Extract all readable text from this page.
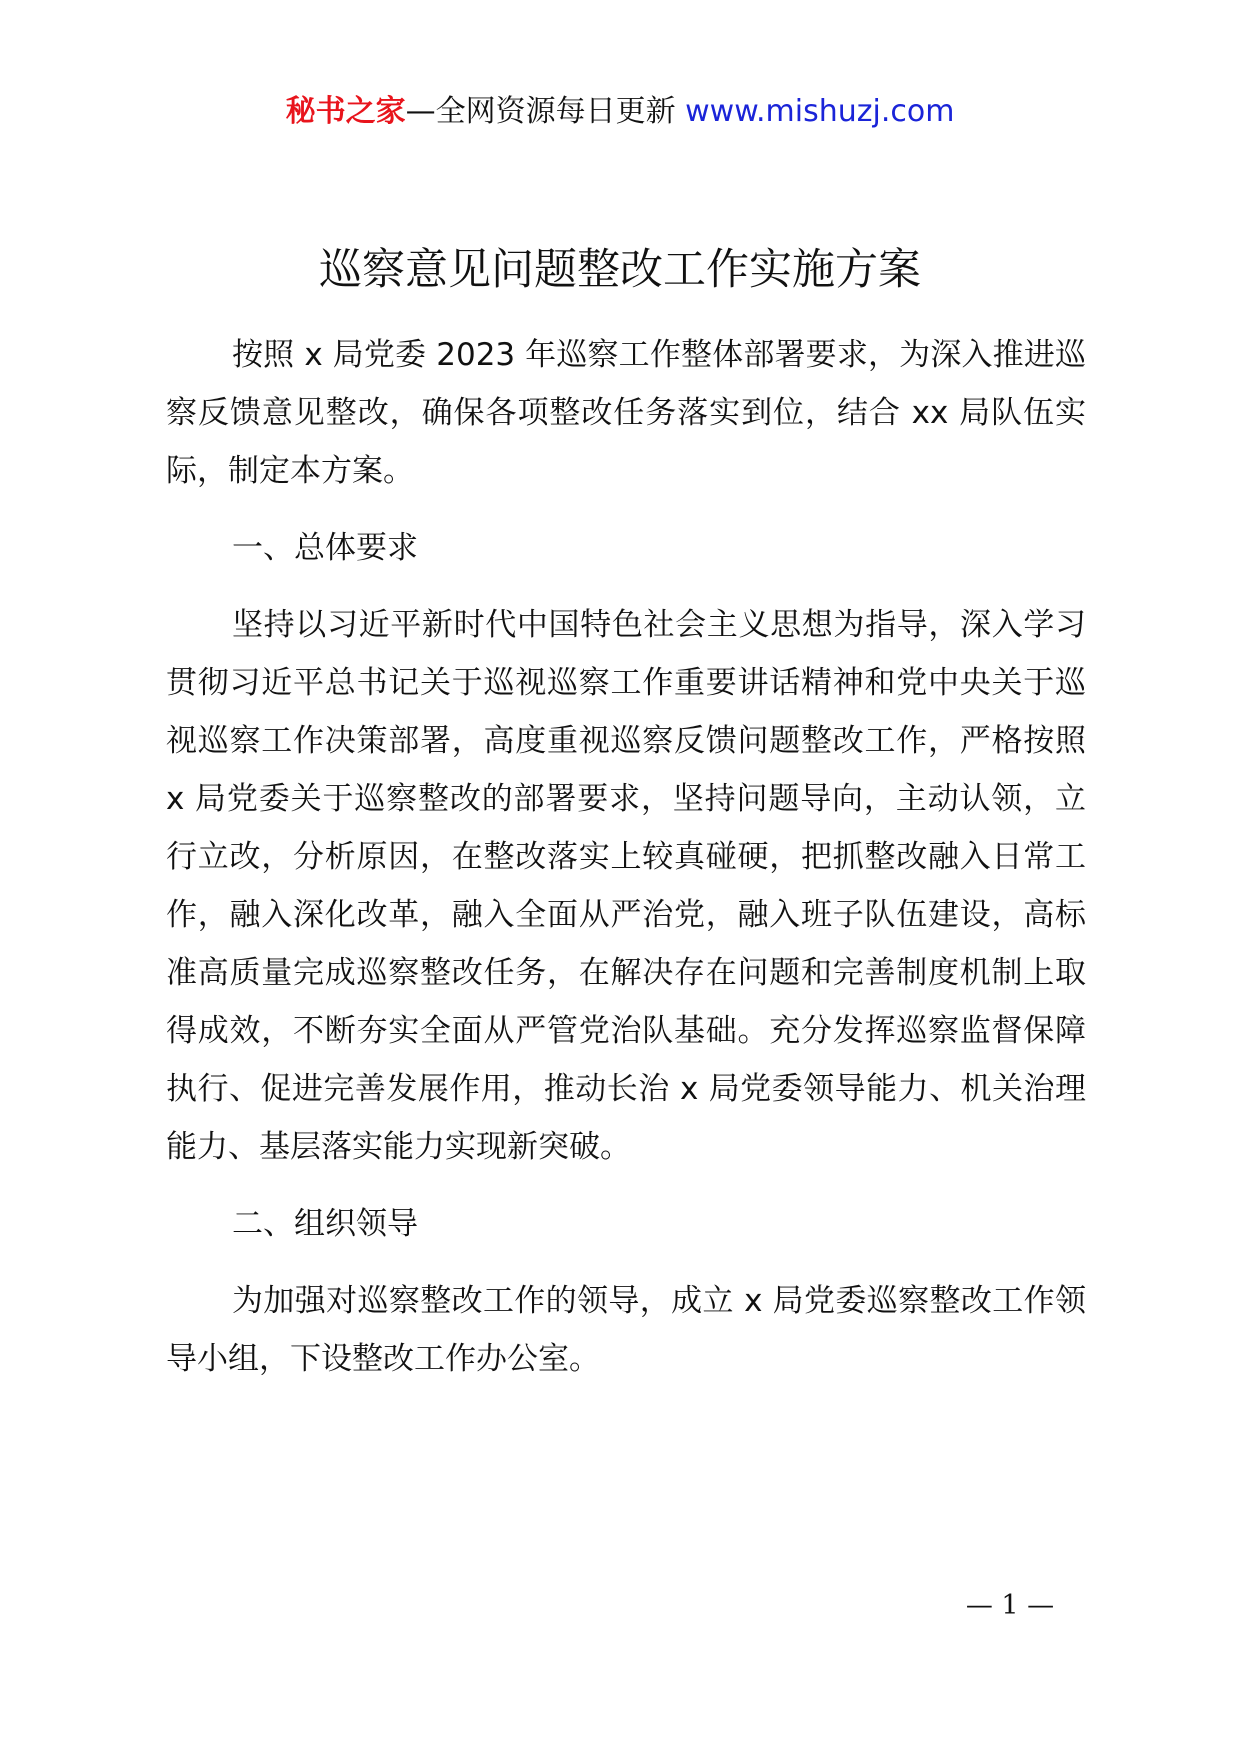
秘书之家—全网资源每日更新 www.mishuzj.com
巡察意见问题整改工作实施方案

按照 x 局党委 2023 年巡察工作整体部署要求，为深入推进巡察反馈意见整改，确保各项整改任务落实到位，结合 xx 局队伍实际，制定本方案。

一、总体要求

坚持以习近平新时代中国特色社会主义思想为指导，深入学习贯彻习近平总书记关于巡视巡察工作重要讲话精神和党中央关于巡视巡察工作决策部署，高度重视巡察反馈问题整改工作，严格按照 x 局党委关于巡察整改的部署要求，坚持问题导向，主动认领，立行立改，分析原因，在整改落实上较真碰硬，把抓整改融入日常工作，融入深化改革，融入全面从严治党，融入班子队伍建设，高标准高质量完成巡察整改任务，在解决存在问题和完善制度机制上取得成效，不断夯实全面从严管党治队基础。充分发挥巡察监督保障执行、促进完善发展作用，推动长治 x 局党委领导能力、机关治理能力、基层落实能力实现新突破。

二、组织领导

为加强对巡察整改工作的领导，成立 x 局党委巡察整改工作领导小组，下设整改工作办公室。

— 1 —
